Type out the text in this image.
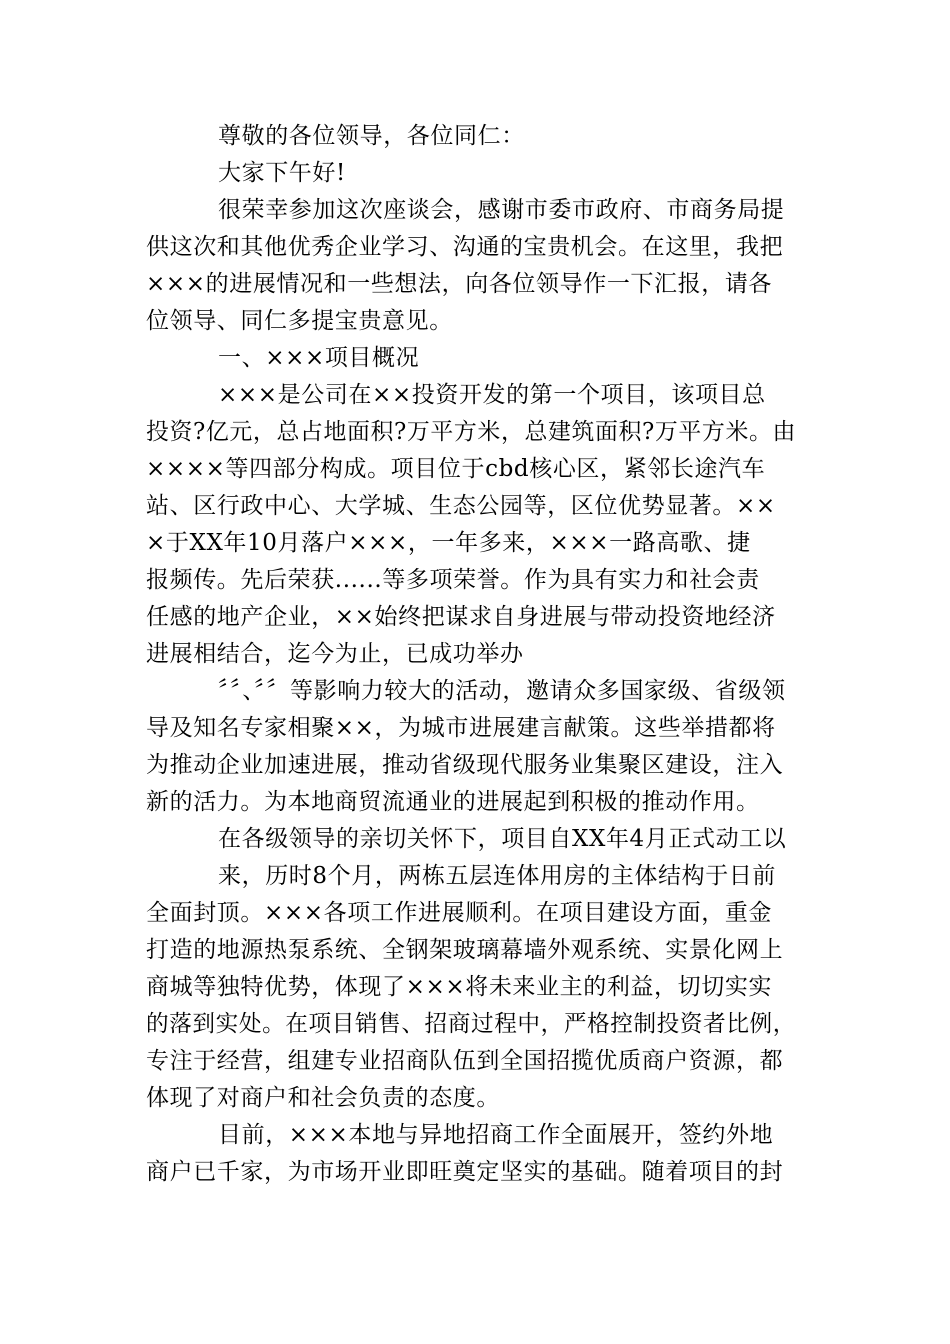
尊敬的各位领导，各位同仁：
大家下午好!
很荣幸参加这次座谈会，感谢市委市政府、市商务局提
供这次和其他优秀企业学习、沟通的宝贵机会。在这里，我把
×××的进展情况和一些想法，向各位领导作一下汇报，请各
位领导、同仁多提宝贵意见。
一、×××项目概况
×××是公司在××投资开发的第一个项目，该项目总
投资?亿元，总占地面积?万平方米，总建筑面积?万平方米。由
××××等四部分构成。项目位于cbd核心区，紧邻长途汽车
站、区行政中心、大学城、生态公园等，区位优势显著。××
×于XX年10月落户×××，一年多来，×××一路高歌、捷
报频传。先后荣获......等多项荣誉。作为具有实力和社会责
任感的地产企业，××始终把谋求自身进展与带动投资地经济
进展相结合，迄今为止，已成功举办
〞〞、〞〞等影响力较大的活动，邀请众多国家级、省级领
导及知名专家相聚××，为城市进展建言献策。这些举措都将
为推动企业加速进展，推动省级现代服务业集聚区建设，注入
新的活力。为本地商贸流通业的进展起到积极的推动作用。
在各级领导的亲切关怀下，项目自XX年4月正式动工以
来，历时8个月，两栋五层连体用房的主体结构于日前
全面封顶。×××各项工作进展顺利。在项目建设方面，重金
打造的地源热泵系统、全钢架玻璃幕墙外观系统、实景化网上
商城等独特优势，体现了×××将未来业主的利益，切切实实
的落到实处。在项目销售、招商过程中，严格控制投资者比例，
专注于经营，组建专业招商队伍到全国招揽优质商户资源，都
体现了对商户和社会负责的态度。
目前，×××本地与异地招商工作全面展开，签约外地
商户已千家，为市场开业即旺奠定坚实的基础。随着项目的封
